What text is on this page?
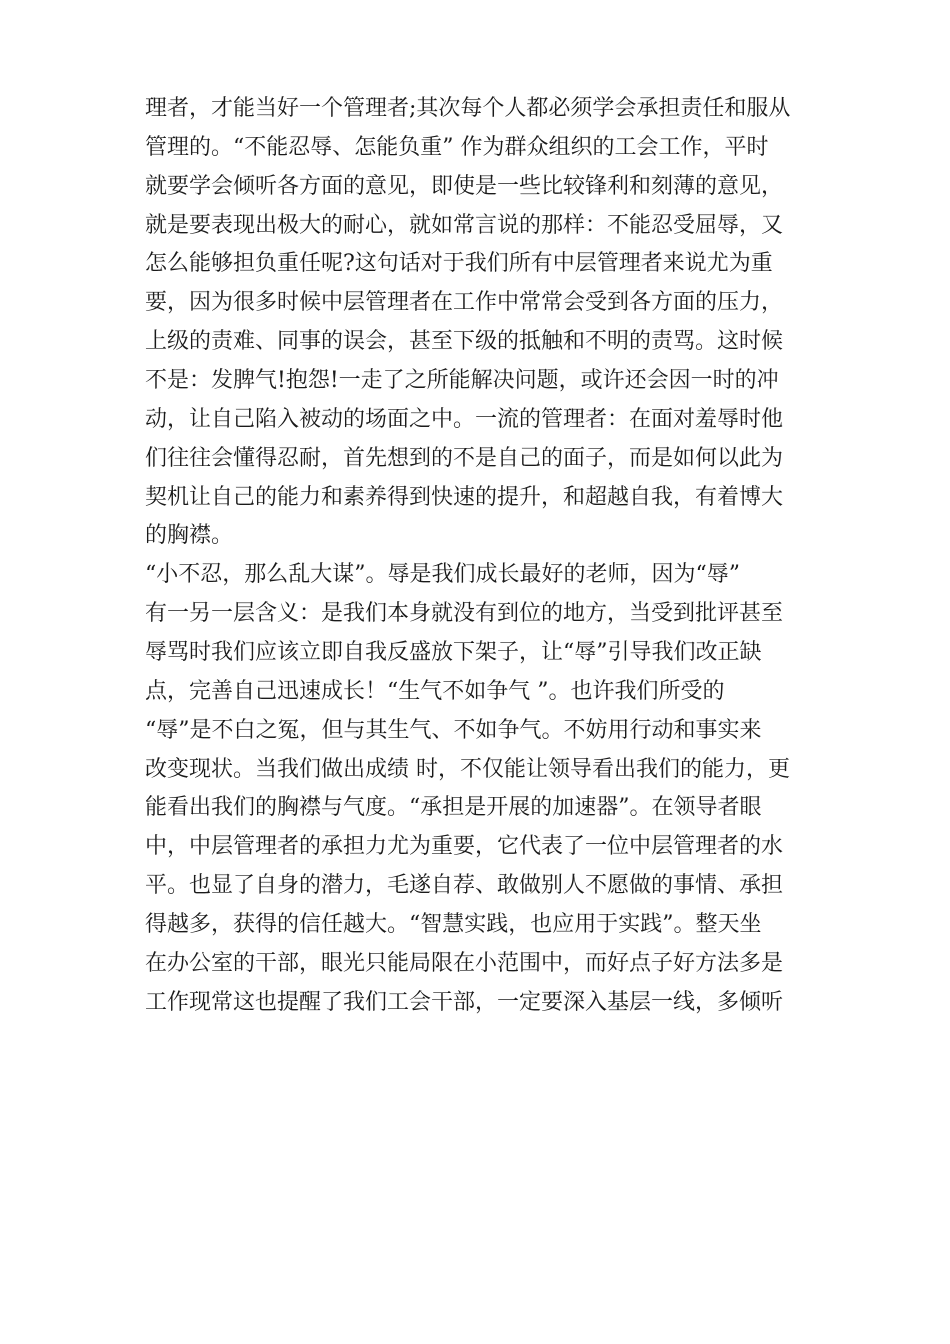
理者，才能当好一个管理者;其次每个人都必须学会承担责任和服从
管理的。“不能忍辱、怎能负重” 作为群众组织的工会工作，平时
就要学会倾听各方面的意见，即使是一些比较锋利和刻薄的意见，
就是要表现出极大的耐心，就如常言说的那样：不能忍受屈辱，又
怎么能够担负重任呢?这句话对于我们所有中层管理者来说尤为重
要，因为很多时候中层管理者在工作中常常会受到各方面的压力，
上级的责难、同事的误会，甚至下级的抵触和不明的责骂。这时候
不是：发脾气!抱怨!一走了之所能解决问题，或许还会因一时的冲
动，让自己陷入被动的场面之中。一流的管理者：在面对羞辱时他
们往往会懂得忍耐，首先想到的不是自己的面子，而是如何以此为
契机让自己的能力和素养得到快速的提升，和超越自我，有着博大
的胸襟。
“小不忍，那么乱大谋”。辱是我们成长最好的老师，因为“辱”
有一另一层含义：是我们本身就没有到位的地方，当受到批评甚至
辱骂时我们应该立即自我反盛放下架子，让“辱”引导我们改正缺
点，完善自己迅速成长！“生气不如争气 ”。也许我们所受的
“辱”是不白之冤，但与其生气、不如争气。不妨用行动和事实来
改变现状。当我们做出成绩 时，不仅能让领导看出我们的能力，更
能看出我们的胸襟与气度。“承担是开展的加速器”。在领导者眼
中，中层管理者的承担力尤为重要，它代表了一位中层管理者的水
平。也显了自身的潜力，毛遂自荐、敢做别人不愿做的事情、承担
得越多，获得的信任越大。“智慧实践，也应用于实践”。整天坐
在办公室的干部，眼光只能局限在小范围中，而好点子好方法多是
工作现常这也提醒了我们工会干部，一定要深入基层一线，多倾听
